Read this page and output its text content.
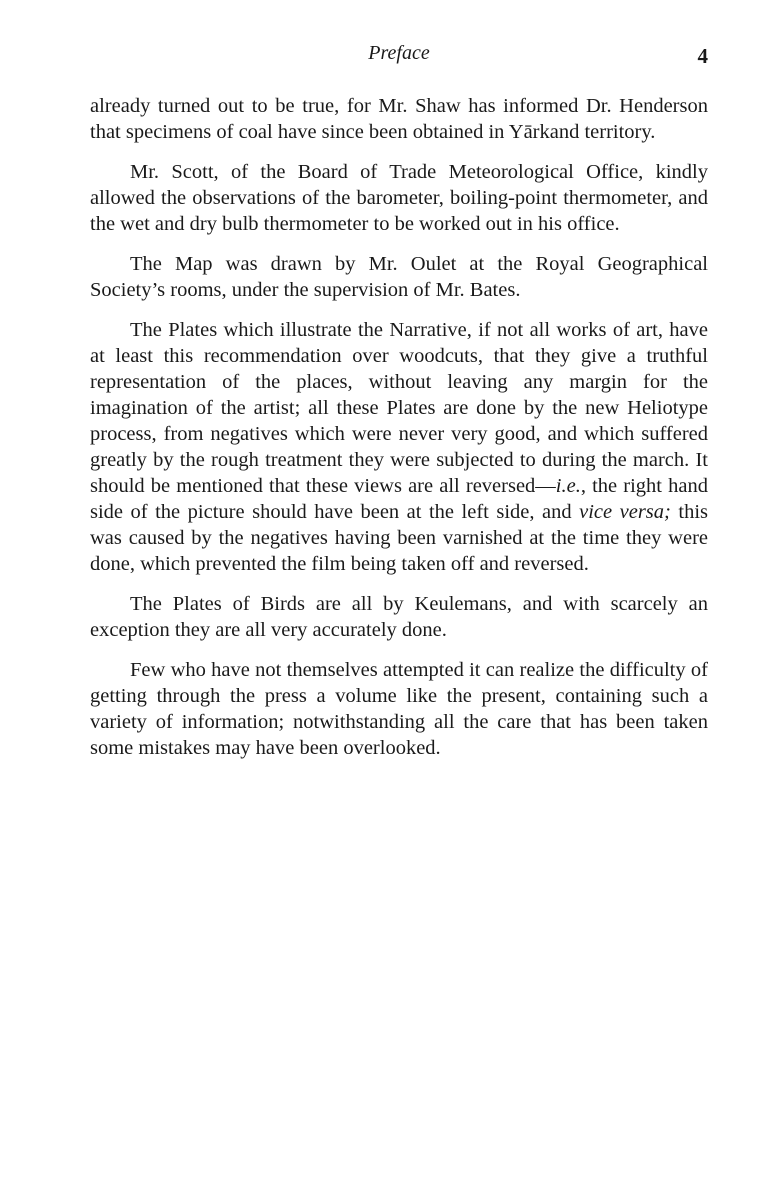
Preface	4

already turned out to be true, for Mr. Shaw has informed Dr. Henderson that specimens of coal have since been obtained in Yārkand territory.

Mr. Scott, of the Board of Trade Meteorological Office, kindly allowed the observations of the barometer, boiling-point thermometer, and the wet and dry bulb thermometer to be worked out in his office.

The Map was drawn by Mr. Oulet at the Royal Geographical Society’s rooms, under the supervision of Mr. Bates.

The Plates which illustrate the Narrative, if not all works of art, have at least this recommendation over woodcuts, that they give a truthful representation of the places, without leaving any margin for the imagination of the artist; all these Plates are done by the new Heliotype process, from negatives which were never very good, and which suffered greatly by the rough treatment they were subjected to during the march. It should be mentioned that these views are all reversed—i.e., the right hand side of the picture should have been at the left side, and vice versa; this was caused by the negatives having been varnished at the time they were done, which prevented the film being taken off and reversed.

The Plates of Birds are all by Keulemans, and with scarcely an exception they are all very accurately done.

Few who have not themselves attempted it can realize the difficulty of getting through the press a volume like the present, containing such a variety of information; notwithstanding all the care that has been taken some mistakes may have been overlooked.
